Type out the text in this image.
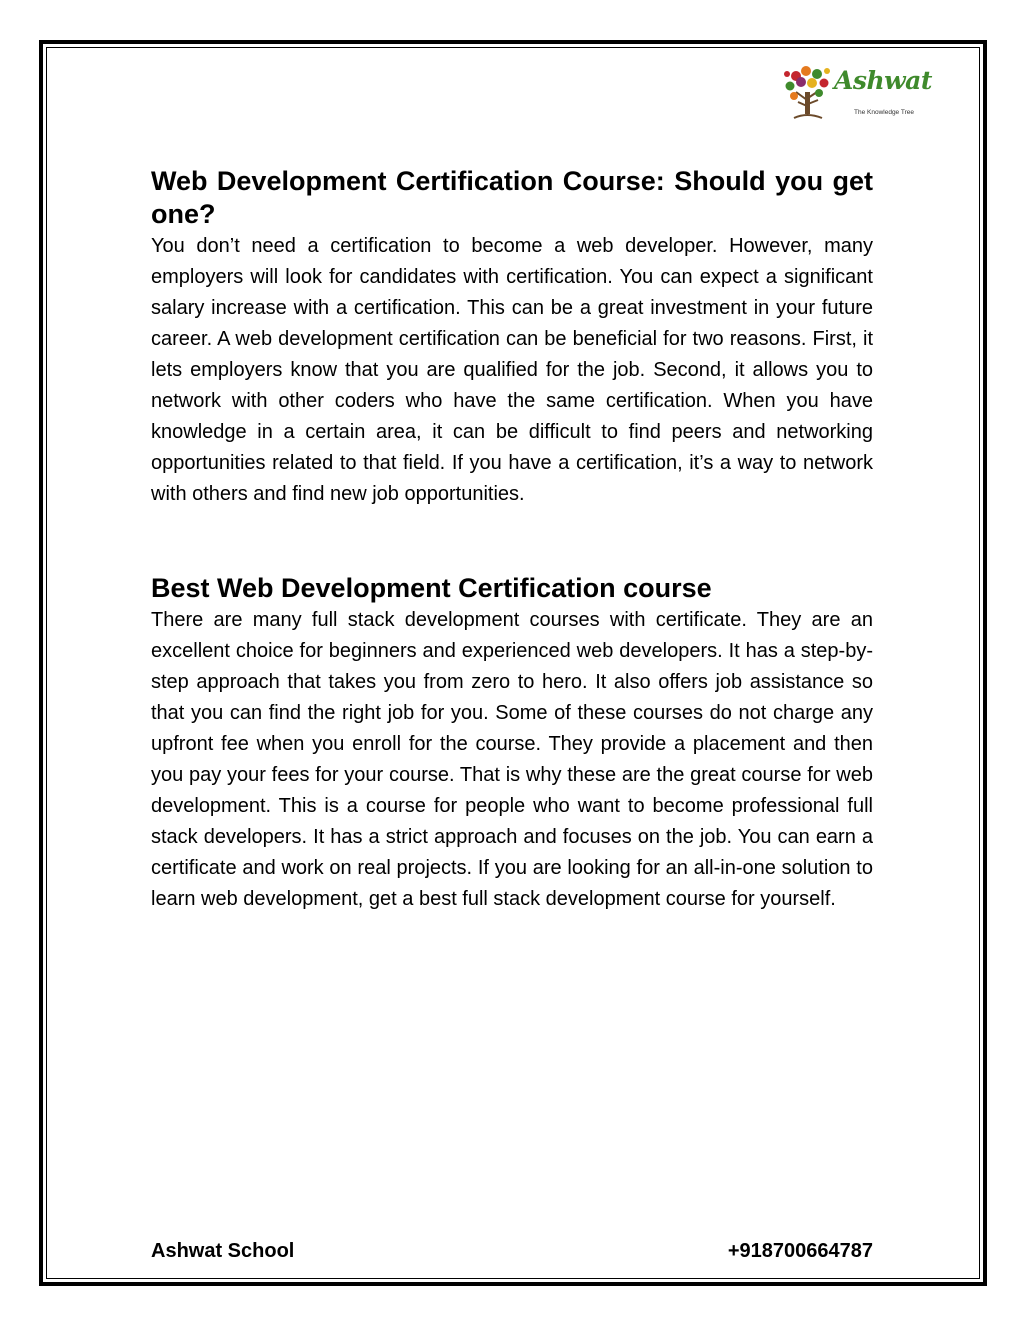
Ashwat
The Knowledge Tree
Web Development Certification Course: Should you get one?

You don’t need a certification to become a web developer. However, many employers will look for candidates with certification. You can expect a significant salary increase with a certification. This can be a great investment in your future career. A web development certification can be beneficial for two reasons. First, it lets employers know that you are qualified for the job. Second, it allows you to network with other coders who have the same certification. When you have knowledge in a certain area, it can be difficult to find peers and networking opportunities related to that field. If you have a certification, it’s a way to network with others and find new job opportunities.

Best Web Development Certification course

There are many full stack development courses with certificate. They are an excellent choice for beginners and experienced web developers. It has a step-by-step approach that takes you from zero to hero. It also offers job assistance so that you can find the right job for you. Some of these courses do not charge any upfront fee when you enroll for the course. They provide a placement and then you pay your fees for your course. That is why these are the great course for web development. This is a course for people who want to become professional full stack developers. It has a strict approach and focuses on the job. You can earn a certificate and work on real projects. If you are looking for an all-in-one solution to learn web development, get a best full stack development course for yourself.

Ashwat School	+918700664787
